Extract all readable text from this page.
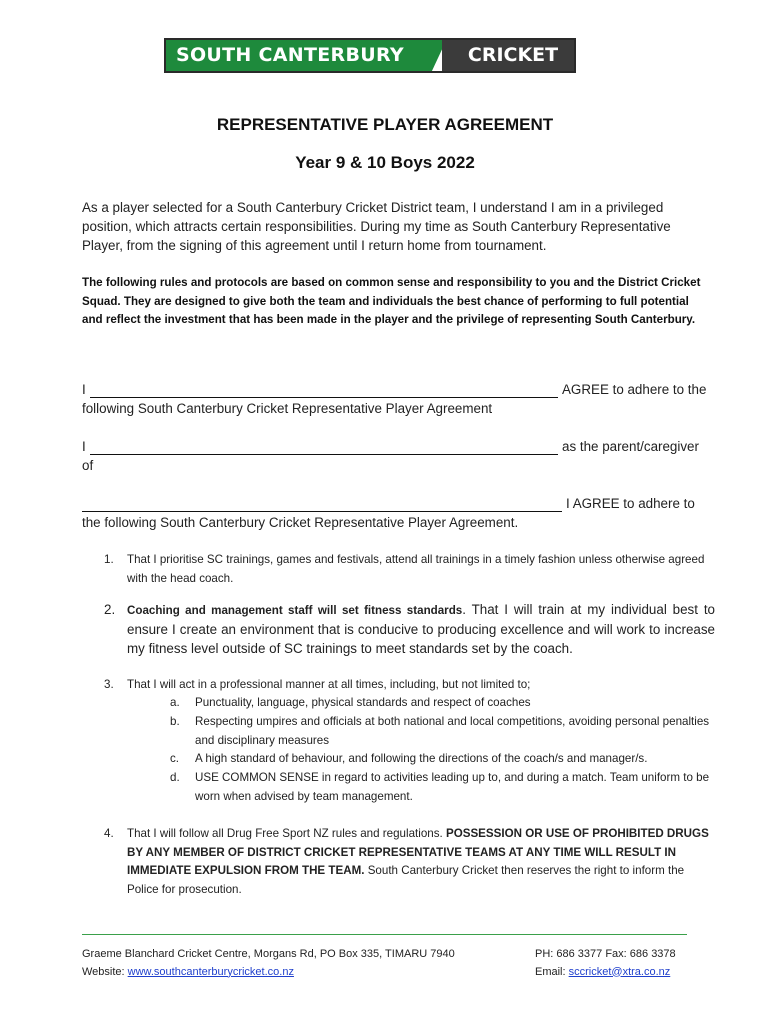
SOUTH CANTERBURY	CRICKET
REPRESENTATIVE PLAYER AGREEMENT
Year 9 & 10 Boys 2022
As a player selected for a South Canterbury Cricket District team, I understand I am in a privileged position, which attracts certain responsibilities. During my time as South Canterbury Representative Player, from the signing of this agreement until I return home from tournament.
The following rules and protocols are based on common sense and responsibility to you and the District Cricket Squad. They are designed to give both the team and individuals the best chance of performing to full potential and reflect the investment that has been made in the player and the privilege of representing South Canterbury.
I	AGREE to adhere to the
following South Canterbury Cricket Representative Player Agreement
I	as the parent/caregiver
of
I AGREE to adhere to
the following South Canterbury Cricket Representative Player Agreement.
1. That I prioritise SC trainings, games and festivals, attend all trainings in a timely fashion unless otherwise agreed with the head coach.
2. Coaching and management staff will set fitness standards. That I will train at my individual best to ensure I create an environment that is conducive to producing excellence and will work to increase my fitness level outside of SC trainings to meet standards set by the coach.
3. That I will act in a professional manner at all times, including, but not limited to;
a. Punctuality, language, physical standards and respect of coaches
b. Respecting umpires and officials at both national and local competitions, avoiding personal penalties and disciplinary measures
c. A high standard of behaviour, and following the directions of the coach/s and manager/s.
d. USE COMMON SENSE in regard to activities leading up to, and during a match. Team uniform to be worn when advised by team management.
4. That I will follow all Drug Free Sport NZ rules and regulations. POSSESSION OR USE OF PROHIBITED DRUGS BY ANY MEMBER OF DISTRICT CRICKET REPRESENTATIVE TEAMS AT ANY TIME WILL RESULT IN IMMEDIATE EXPULSION FROM THE TEAM. South Canterbury Cricket then reserves the right to inform the Police for prosecution.
Graeme Blanchard Cricket Centre, Morgans Rd, PO Box 335, TIMARU 7940
Website: www.southcanterburycricket.co.nz
PH: 686 3377 Fax: 686 3378
Email: sccricket@xtra.co.nz
